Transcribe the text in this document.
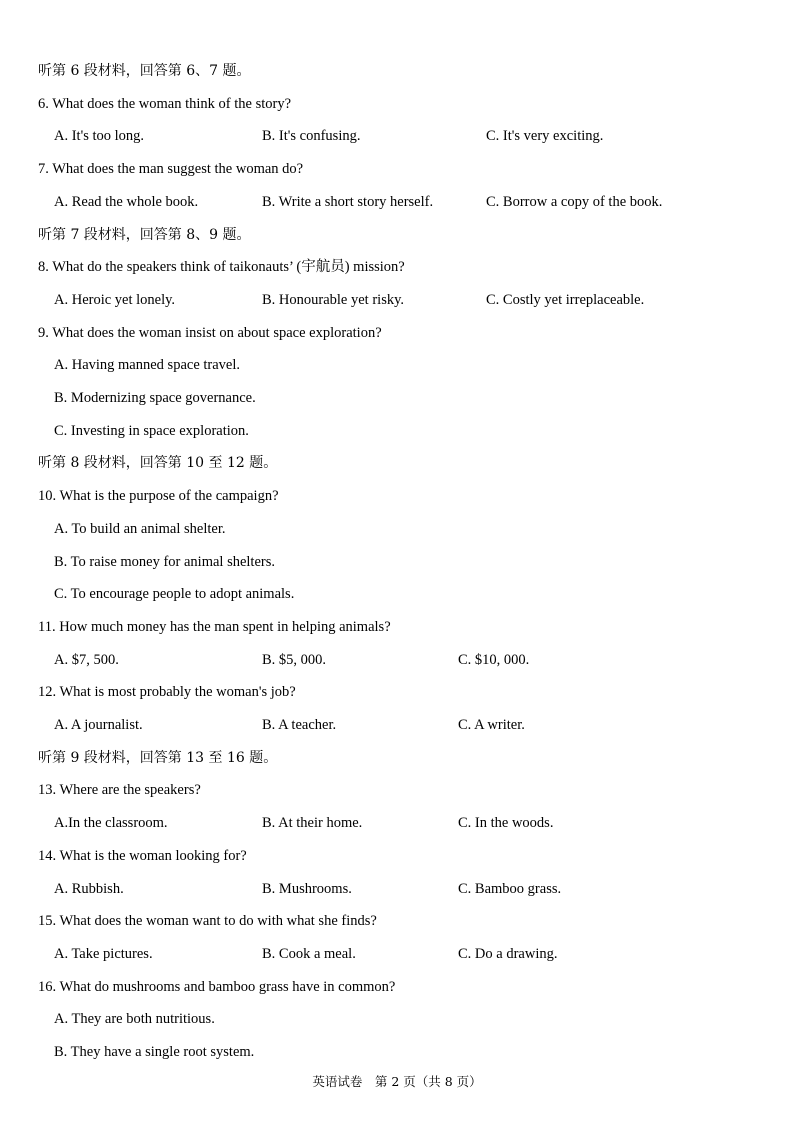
听第 6 段材料，回答第 6、7 题。
6. What does the woman think of the story?
A. It's too long.	B. It's confusing.	C. It's very exciting.
7. What does the man suggest the woman do?
A. Read the whole book.	B. Write a short story herself.	C. Borrow a copy of the book.
听第 7 段材料，回答第 8、9 题。
8. What do the speakers think of taikonauts’ (宇航员) mission?
A. Heroic yet lonely.	B. Honourable yet risky.	C. Costly yet irreplaceable.
9. What does the woman insist on about space exploration?
A. Having manned space travel.
B. Modernizing space governance.
C. Investing in space exploration.
听第 8 段材料，回答第 10 至 12 题。
10. What is the purpose of the campaign?
A. To build an animal shelter.
B. To raise money for animal shelters.
C. To encourage people to adopt animals.
11. How much money has the man spent in helping animals?
A. $7, 500.	B. $5, 000.	C. $10, 000.
12. What is most probably the woman's job?
A. A journalist.	B. A teacher.	C. A writer.
听第 9 段材料，回答第 13 至 16 题。
13. Where are the speakers?
A.In the classroom.	B. At their home.	C. In the woods.
14. What is the woman looking for?
A. Rubbish.	B. Mushrooms.	C. Bamboo grass.
15. What does the woman want to do with what she finds?
A. Take pictures.	B. Cook a meal.	C. Do a drawing.
16. What do mushrooms and bamboo grass have in common?
A. They are both nutritious.
B. They have a single root system.
英语试卷　第 2 页（共 8 页）
